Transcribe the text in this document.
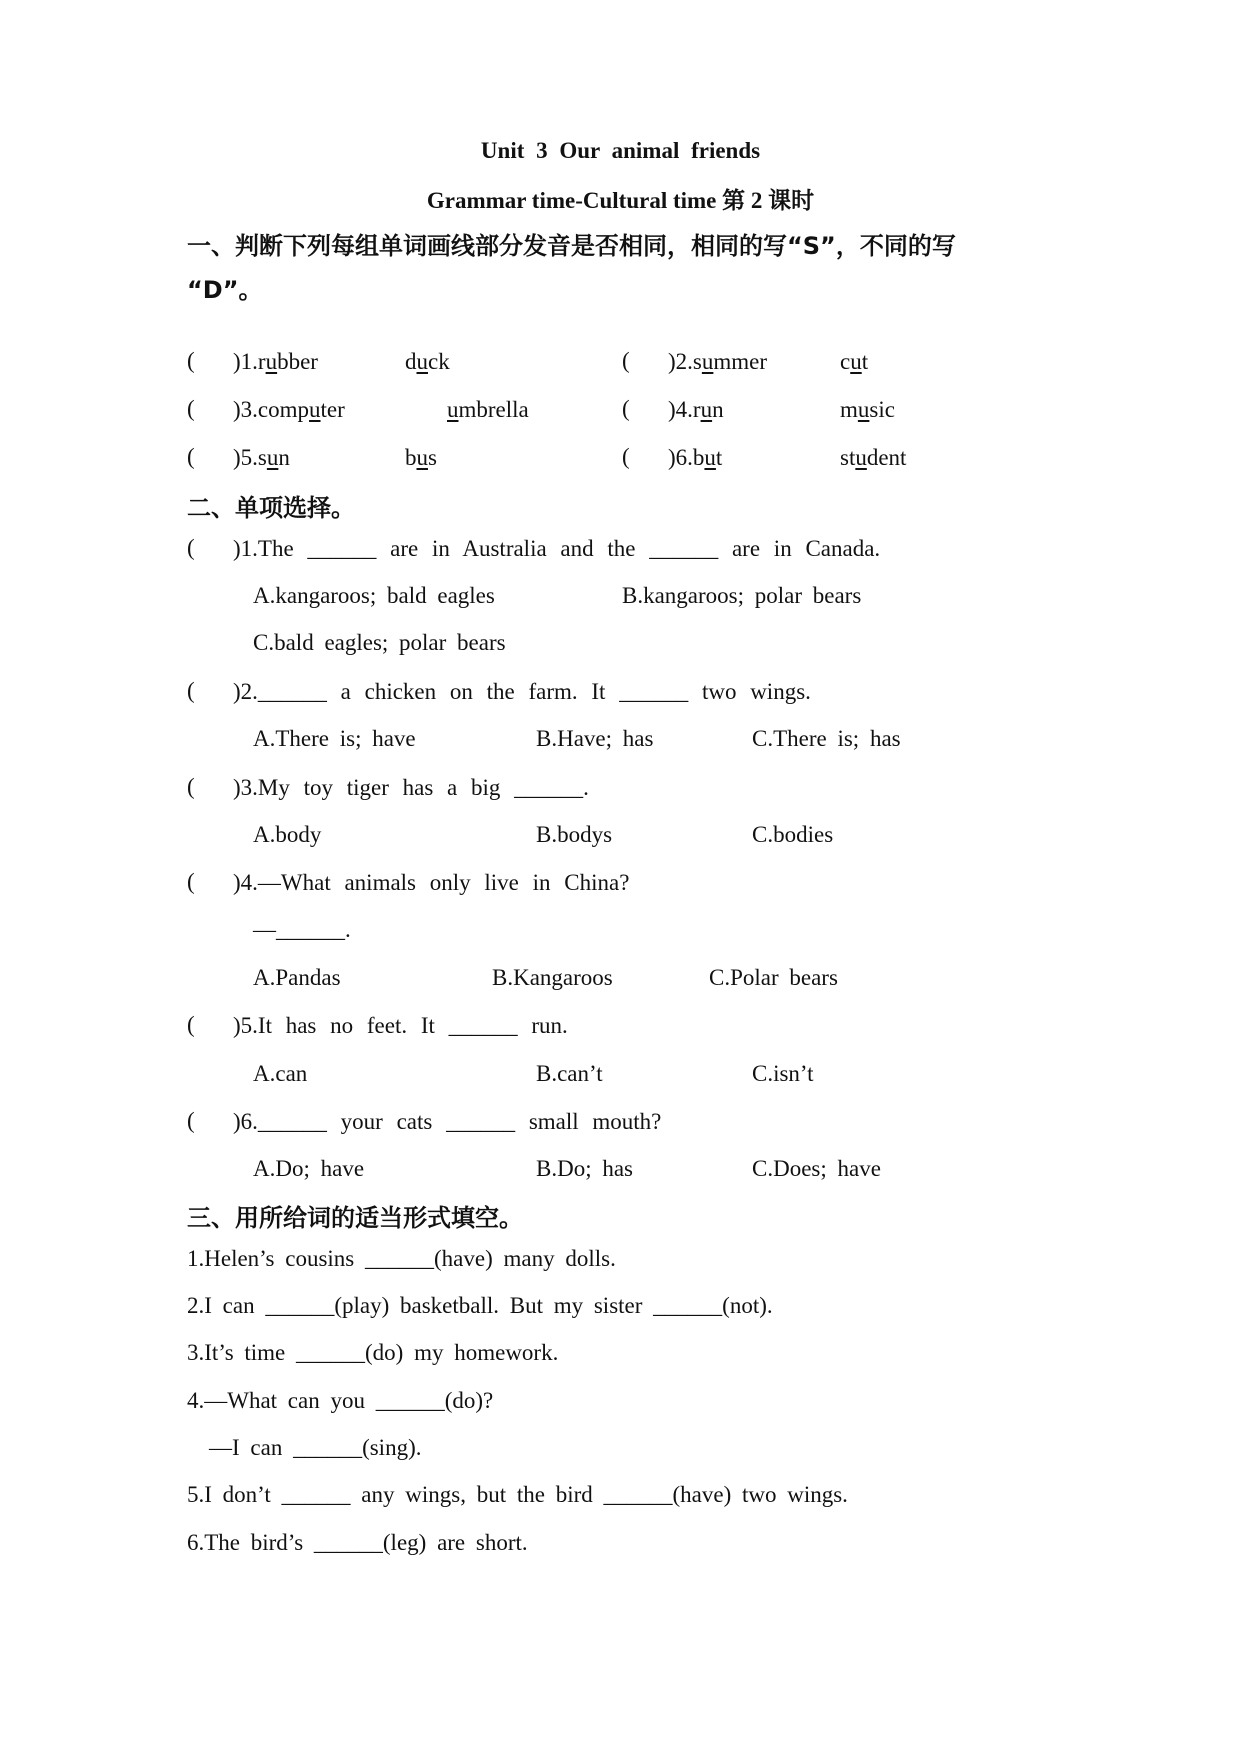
Unit 3 Our animal friends
Grammar time-Cultural time 第 2 课时
一、判断下列每组单词画线部分发音是否相同，相同的写“S”，不同的写
“D”。
( )1.rubber	duck	( )2.summer	cut
( )3.computer	umbrella	( )4.run	music
( )5.sun	bus	( )6.but	student
二、单项选择。
( )1.The ______ are in Australia and the ______ are in Canada.
A.kangaroos; bald eagles	B.kangaroos; polar bears
C.bald eagles; polar bears
( )2.______ a chicken on the farm. It ______ two wings.
A.There is; have	B.Have; has	C.There is; has
( )3.My toy tiger has a big ______.
A.body	B.bodys	C.bodies
( )4.—What animals only live in China?
—______.
A.Pandas	B.Kangaroos	C.Polar bears
( )5.It has no feet. It ______ run.
A.can	B.can’t	C.isn’t
( )6.______ your cats ______ small mouth?
A.Do; have	B.Do; has	C.Does; have
三、用所给词的适当形式填空。
1.Helen’s cousins ______(have) many dolls.
2.I can ______(play) basketball. But my sister ______(not).
3.It’s time ______(do) my homework.
4.—What can you ______(do)?
—I can ______(sing).
5.I don’t ______ any wings, but the bird ______(have) two wings.
6.The bird’s ______(leg) are short.
